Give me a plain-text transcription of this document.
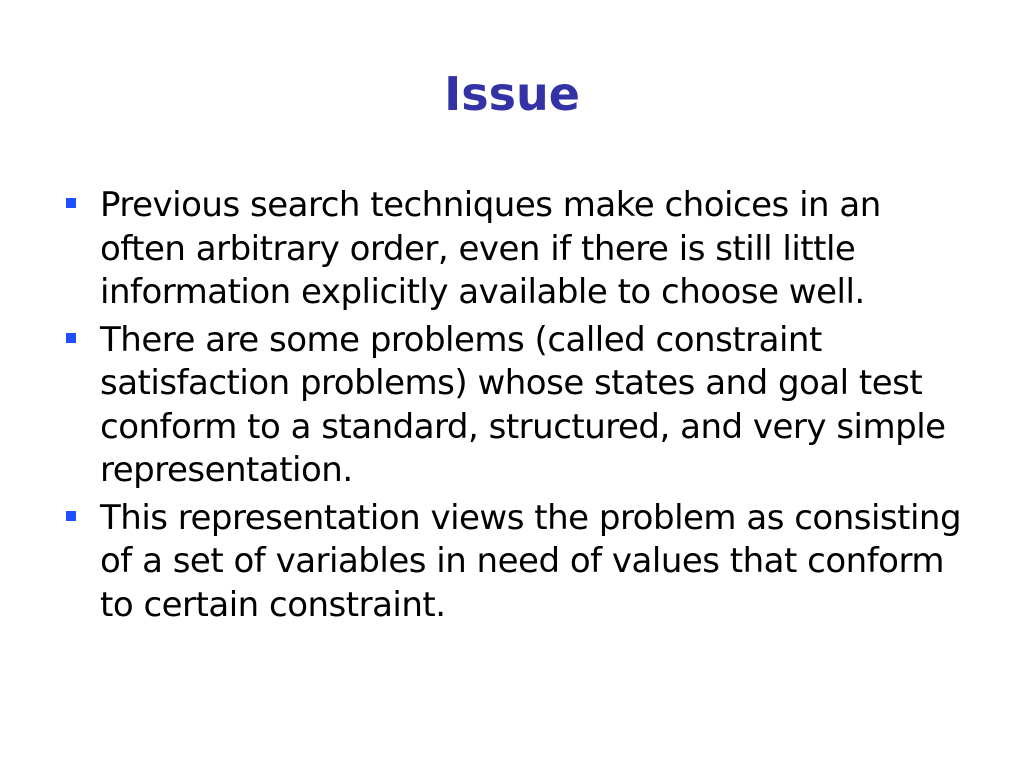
Issue
Previous search techniques make choices in an often arbitrary order, even if there is still little information explicitly available to choose well.
There are some problems (called constraint satisfaction problems) whose states and goal test conform to a standard, structured, and very simple representation.
This representation views the problem as consisting of a set of variables in need of values that conform to certain constraint.
